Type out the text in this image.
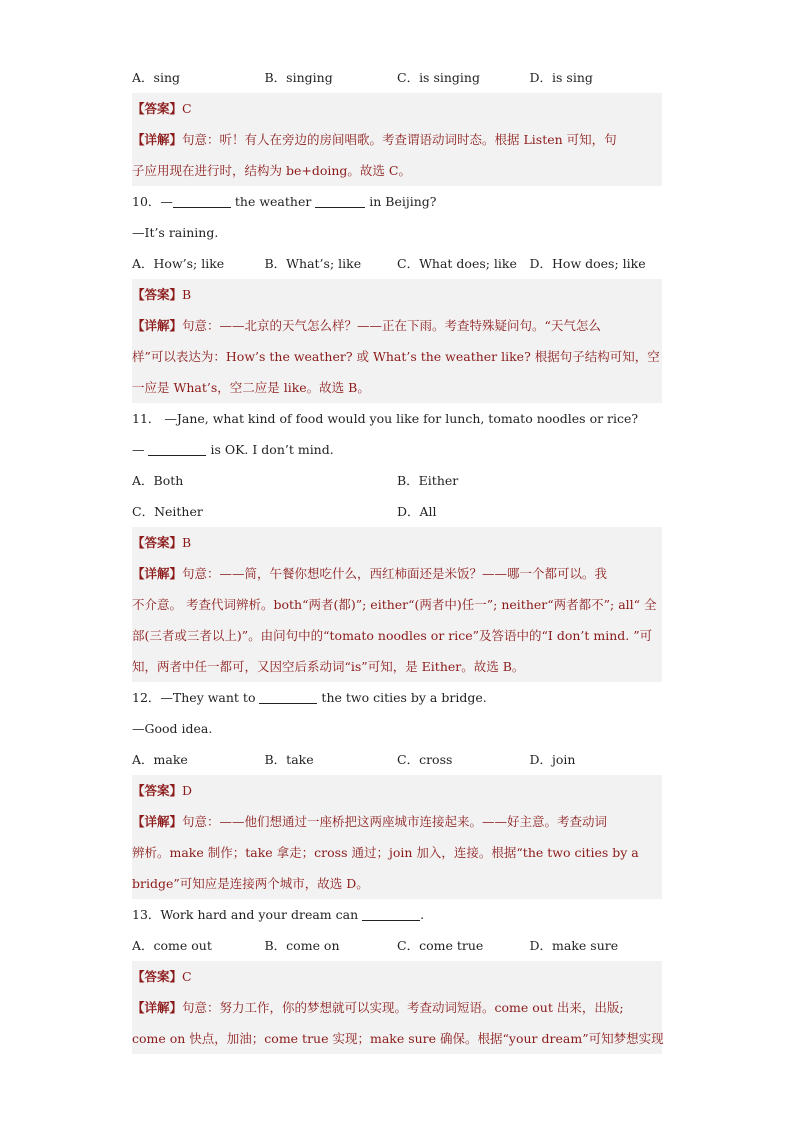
A．sing	B．singing	C．is singing	D．is sing
【答案】C
【详解】句意：听！有人在旁边的房间唱歌。考查谓语动词时态。根据 Listen 可知，句
子应用现在进行时，结构为 be+doing。故选 C。
10．—	the weather	in Beijing?
—It’s raining.
A．How’s; like	B．What’s; like	C．What does; like	D．How does; like
【答案】B
【详解】句意：——北京的天气怎么样？——正在下雨。考查特殊疑问句。“天气怎么
样”可以表达为：How’s the weather? 或 What’s the weather like? 根据句子结构可知，空
一应是 What’s，空二应是 like。故选 B。
11． —Jane, what kind of food would you like for lunch, tomato noodles or rice?
—	is OK. I don’t mind.
A．Both	B．Either
C．Neither	D．All
【答案】B
【详解】句意：——简，午餐你想吃什么，西红柿面还是米饭？——哪一个都可以。我
不介意。 考查代词辨析。both“两者(都)”; either“(两者中)任一”; neither“两者都不”; all“ 全
部(三者或三者以上)”。由问句中的“tomato noodles or rice”及答语中的“I don’t mind. ”可
知，两者中任一都可，又因空后系动词“is”可知，是 Either。故选 B。
12．—They want to	the two cities by a bridge.
—Good idea.
A．make	B．take	C．cross	D．join
【答案】D
【详解】句意：——他们想通过一座桥把这两座城市连接起来。——好主意。考查动词
辨析。make 制作；take 拿走；cross 通过；join 加入，连接。根据“the two cities by a
bridge”可知应是连接两个城市，故选 D。
13．Work hard and your dream can	.
A．come out	B．come on	C．come true	D．make sure
【答案】C
【详解】句意：努力工作，你的梦想就可以实现。考查动词短语。come out 出来，出版;
come on 快点，加油；come true 实现；make sure 确保。根据“your dream”可知梦想实现
